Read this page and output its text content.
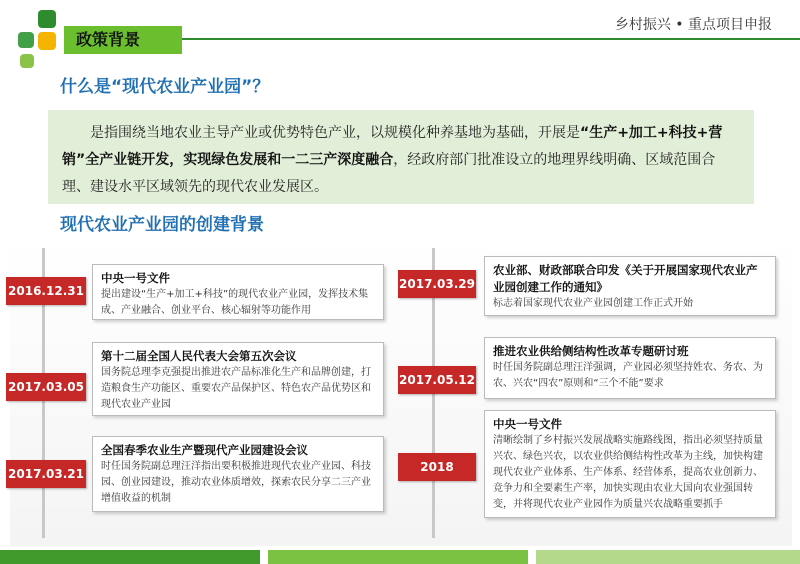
政策背景
乡村振兴 • 重点项目申报
什么是“现代农业产业园”？
是指围绕当地农业主导产业或优势特色产业，以规模化种养基地为基础，开展是“生产+加工+科技+营销”全产业链开发，实现绿色发展和一二三产深度融合，经政府部门批准设立的地理界线明确、区域范围合理、建设水平区域领先的现代农业发展区。
现代农业产业园的创建背景
2016.12.31
中央一号文件
提出建设“生产+加工+科技”的现代农业产业园，发挥技术集成、产业融合、创业平台、核心辐射等功能作用
2017.03.05
第十二届全国人民代表大会第五次会议
国务院总理李克强提出推进农产品标准化生产和品牌创建，打造粮食生产功能区、重要农产品保护区、特色农产品优势区和现代农业产业园
2017.03.21
全国春季农业生产暨现代产业园建设会议
时任国务院副总理汪洋指出要积极推进现代农业产业园、科技园、创业园建设，推动农业体质增效，探索农民分享二三产业增值收益的机制
2017.03.29
农业部、财政部联合印发《关于开展国家现代农业产业园创建工作的通知》
标志着国家现代农业产业园创建工作正式开始
2017.05.12
推进农业供给侧结构性改革专题研讨班
时任国务院副总理汪洋强调，产业园必须坚持姓农、务农、为农、兴农“四农”原则和“三个不能”要求
2018
中央一号文件
清晰绘制了乡村振兴发展战略实施路线图，指出必须坚持质量兴农、绿色兴农，以农业供给侧结构性改革为主线，加快构建现代农业产业体系、生产体系、经营体系，提高农业创新力、竞争力和全要素生产率，加快实现由农业大国向农业强国转变，并将现代农业产业园作为质量兴农战略重要抓手
